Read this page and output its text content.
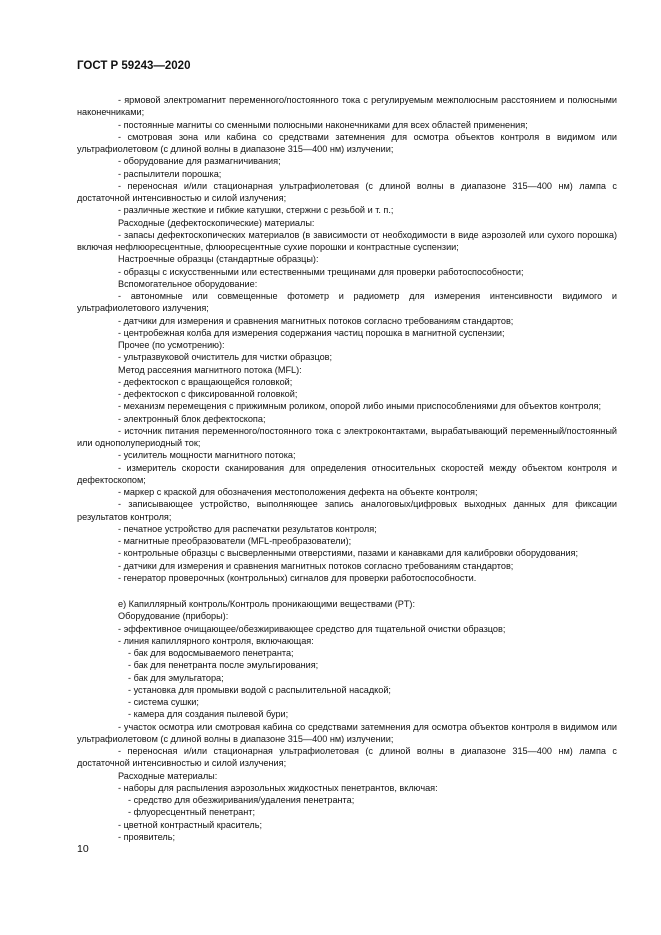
ГОСТ Р 59243—2020

- ярмовой электромагнит переменного/постоянного тока с регулируемым межполюсным расстоянием и полюсными наконечниками;

- постоянные магниты со сменными полюсными наконечниками для всех областей применения;

- смотровая зона или кабина со средствами затемнения для осмотра объектов контроля в видимом или ультрафиолетовом (с длиной волны в диапазоне 315—400 нм) излучении;

- оборудование для размагничивания;

- распылители порошка;

- переносная и/или стационарная ультрафиолетовая (с длиной волны в диапазоне 315—400 нм) лампа с достаточной интенсивностью и силой излучения;

- различные жесткие и гибкие катушки, стержни с резьбой и т. п.;

Расходные (дефектоскопические) материалы:

- запасы дефектоскопических материалов (в зависимости от необходимости в виде аэрозолей или сухого порошка) включая нефлюоресцентные, флюоресцентные сухие порошки и контрастные суспензии;

Настроечные образцы (стандартные образцы):

- образцы с искусственными или естественными трещинами для проверки работоспособности;

Вспомогательное оборудование:

- автономные или совмещенные фотометр и радиометр для измерения интенсивности видимого и ультрафиолетового излучения;

- датчики для измерения и сравнения магнитных потоков согласно требованиям стандартов;

- центробежная колба для измерения содержания частиц порошка в магнитной суспензии;

Прочее (по усмотрению):

- ультразвуковой очиститель для чистки образцов;

Метод рассеяния магнитного потока (MFL):

- дефектоскоп с вращающейся головкой;

- дефектоскоп с фиксированной головкой;

- механизм перемещения с прижимным роликом, опорой либо иными приспособлениями для объектов контроля;

- электронный блок дефектоскопа;

- источник питания переменного/постоянного тока с электроконтактами, вырабатывающий переменный/постоянный или однополупериодный ток;

- усилитель мощности магнитного потока;

- измеритель скорости сканирования для определения относительных скоростей между объектом контроля и дефектоскопом;

- маркер с краской для обозначения местоположения дефекта на объекте контроля;

- записывающее устройство, выполняющее запись аналоговых/цифровых выходных данных для фиксации результатов контроля;

- печатное устройство для распечатки результатов контроля;

- магнитные преобразователи (MFL-преобразователи);

- контрольные образцы с высверленными отверстиями, пазами и канавками для калибровки оборудования;

- датчики для измерения и сравнения магнитных потоков согласно требованиям стандартов;

- генератор проверочных (контрольных) сигналов для проверки работоспособности.

е) Капиллярный контроль/Контроль проникающими веществами (PT):

Оборудование (приборы):

- эффективное очищающее/обезжиривающее средство для тщательной очистки образцов;

- линия капиллярного контроля, включающая:

- бак для водосмываемого пенетранта;

- бак для пенетранта после эмульгирования;

- бак для эмульгатора;

- установка для промывки водой с распылительной насадкой;

- система сушки;

- камера для создания пылевой бури;

- участок осмотра или смотровая кабина со средствами затемнения для осмотра объектов контроля в видимом или ультрафиолетовом (с длиной волны в диапазоне 315—400 нм) излучении;

- переносная и/или стационарная ультрафиолетовая (с длиной волны в диапазоне 315—400 нм) лампа с достаточной интенсивностью и силой излучения;

Расходные материалы:

- наборы для распыления аэрозольных жидкостных пенетрантов, включая:

- средство для обезжиривания/удаления пенетранта;

- флуоресцентный пенетрант;

- цветной контрастный краситель;

- проявитель;

10
